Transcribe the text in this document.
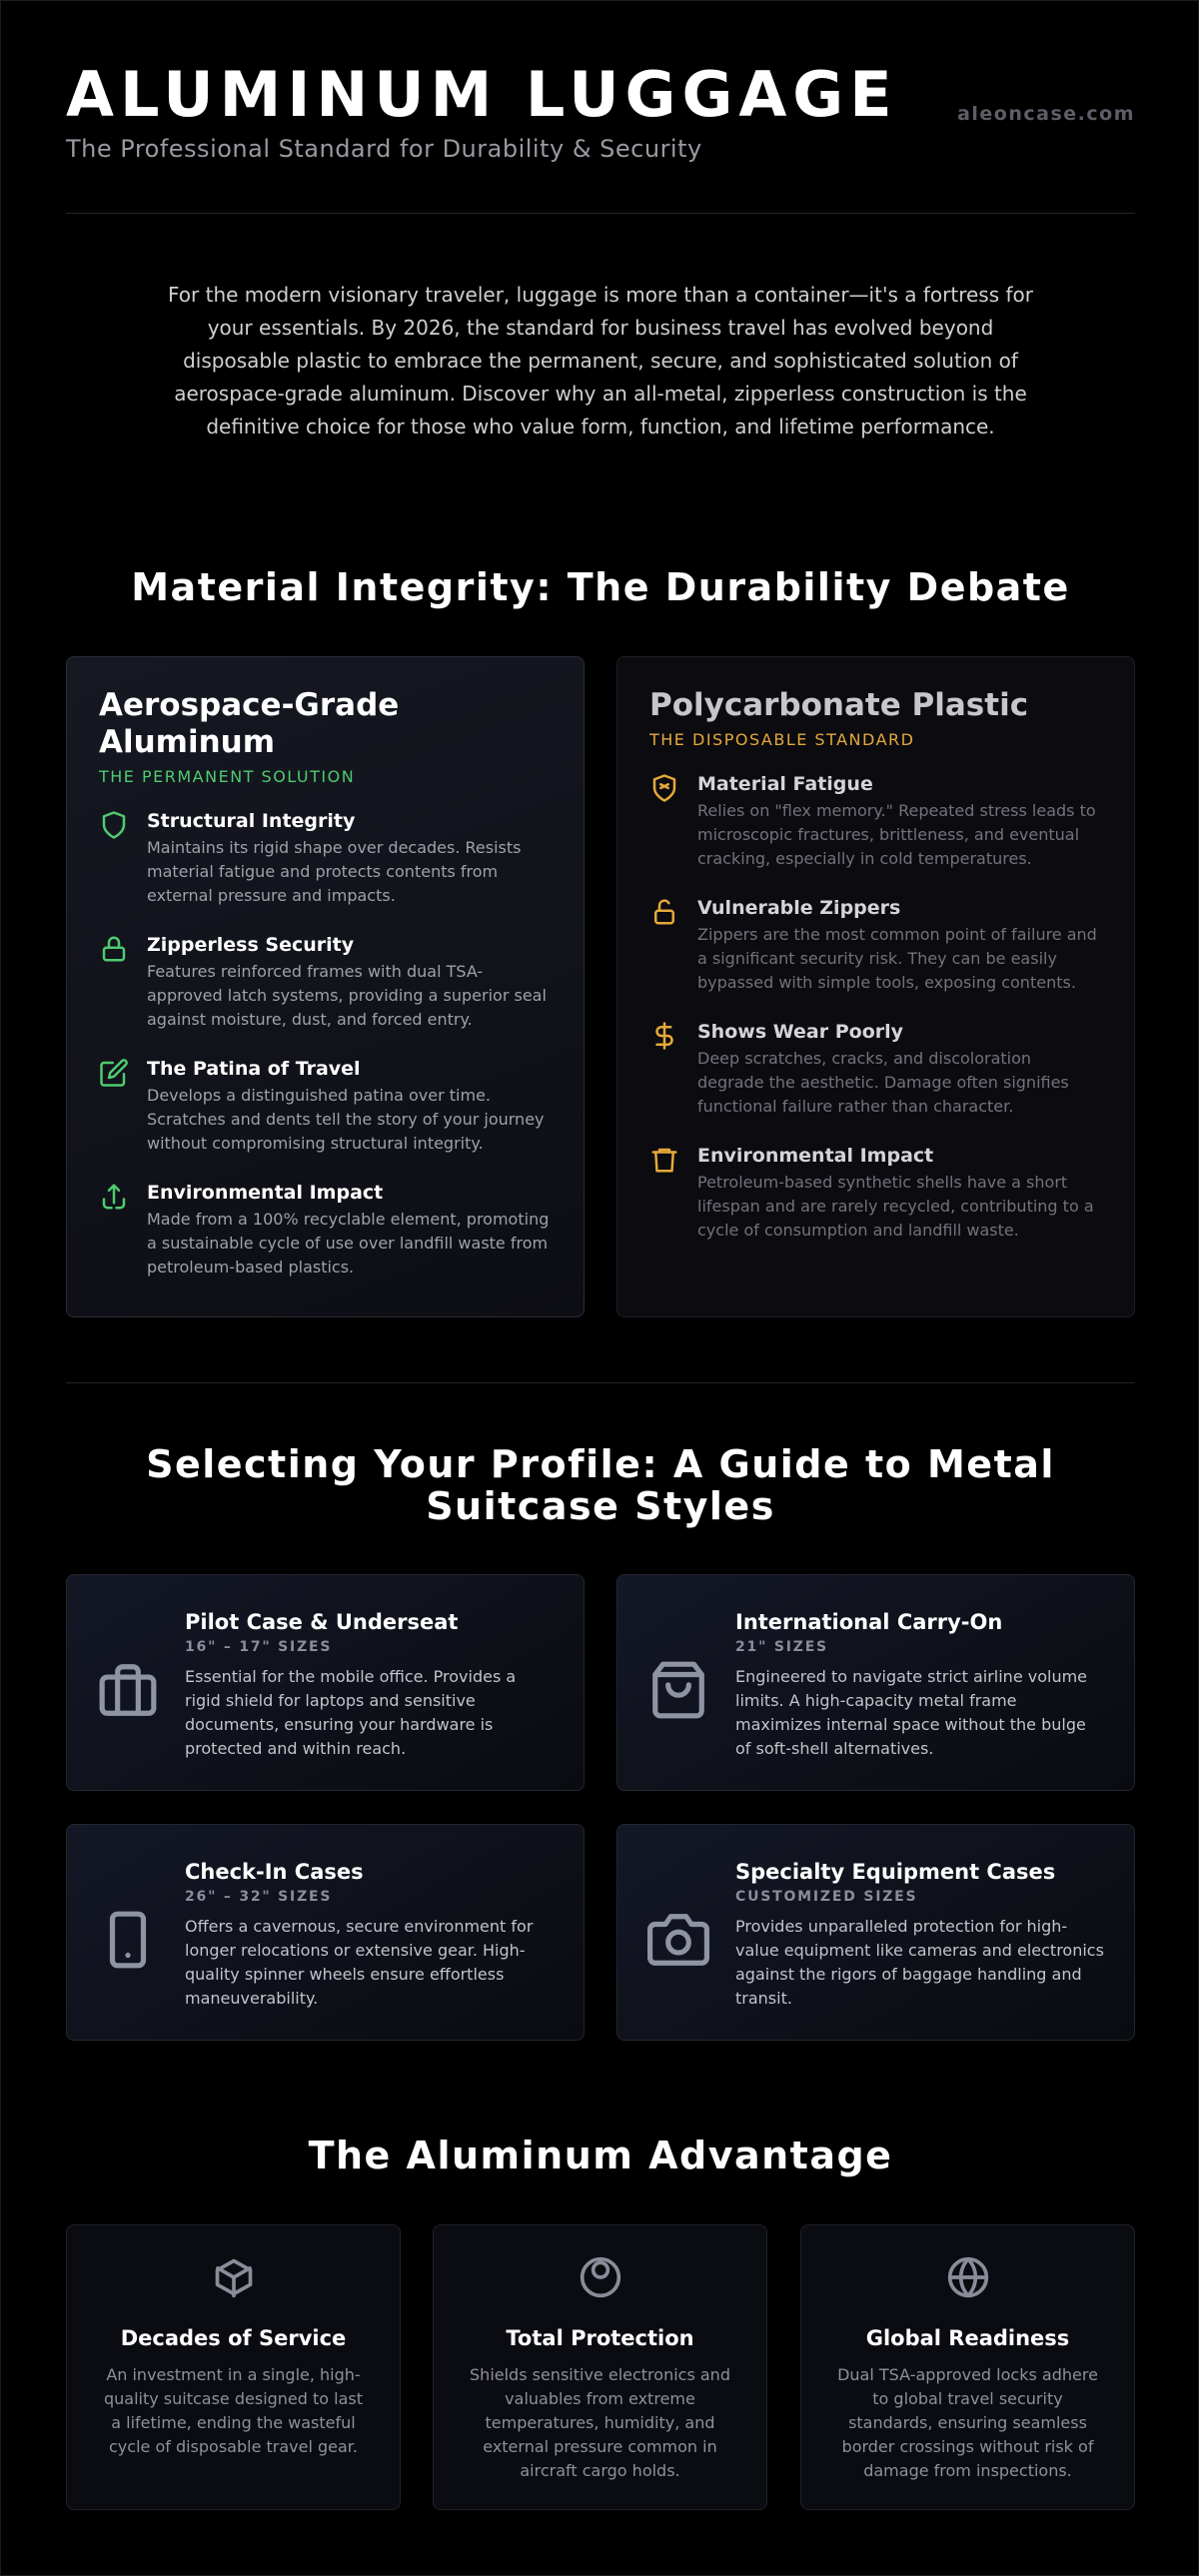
ALUMINUM LUGGAGE
The Professional Standard for Durability & Security
aleoncase.com

For the modern visionary traveler, luggage is more than a container—it's a fortress for your essentials. By 2026, the standard for business travel has evolved beyond disposable plastic to embrace the permanent, secure, and sophisticated solution of aerospace-grade aluminum. Discover why an all-metal, zipperless construction is the definitive choice for those who value form, function, and lifetime performance.

Material Integrity: The Durability Debate
Aerospace-Grade Aluminum
THE PERMANENT SOLUTION
Structural Integrity
Maintains its rigid shape over decades. Resists material fatigue and protects contents from external pressure and impacts.
Zipperless Security
Features reinforced frames with dual TSA-approved latch systems, providing a superior seal against moisture, dust, and forced entry.
The Patina of Travel
Develops a distinguished patina over time. Scratches and dents tell the story of your journey without compromising structural integrity.
Environmental Impact
Made from a 100% recyclable element, promoting a sustainable cycle of use over landfill waste from petroleum-based plastics.
Polycarbonate Plastic
THE DISPOSABLE STANDARD
Material Fatigue
Relies on "flex memory." Repeated stress leads to microscopic fractures, brittleness, and eventual cracking, especially in cold temperatures.
Vulnerable Zippers
Zippers are the most common point of failure and a significant security risk. They can be easily bypassed with simple tools, exposing contents.
Shows Wear Poorly
Deep scratches, cracks, and discoloration degrade the aesthetic. Damage often signifies functional failure rather than character.
Environmental Impact
Petroleum-based synthetic shells have a short lifespan and are rarely recycled, contributing to a cycle of consumption and landfill waste.
Selecting Your Profile: A Guide to Metal Suitcase Styles
Pilot Case & Underseat
16" – 17" SIZES
Essential for the mobile office. Provides a rigid shield for laptops and sensitive documents, ensuring your hardware is protected and within reach.
International Carry-On
21" SIZES
Engineered to navigate strict airline volume limits. A high-capacity metal frame maximizes internal space without the bulge of soft-shell alternatives.
Check-In Cases
26" – 32" SIZES
Offers a cavernous, secure environment for longer relocations or extensive gear. High-quality spinner wheels ensure effortless maneuverability.
Specialty Equipment Cases
CUSTOMIZED SIZES
Provides unparalleled protection for high-value equipment like cameras and electronics against the rigors of baggage handling and transit.
The Aluminum Advantage
Decades of Service
An investment in a single, high-quality suitcase designed to last a lifetime, ending the wasteful cycle of disposable travel gear.
Total Protection
Shields sensitive electronics and valuables from extreme temperatures, humidity, and external pressure common in aircraft cargo holds.
Global Readiness
Dual TSA-approved locks adhere to global travel security standards, ensuring seamless border crossings without risk of damage from inspections.
